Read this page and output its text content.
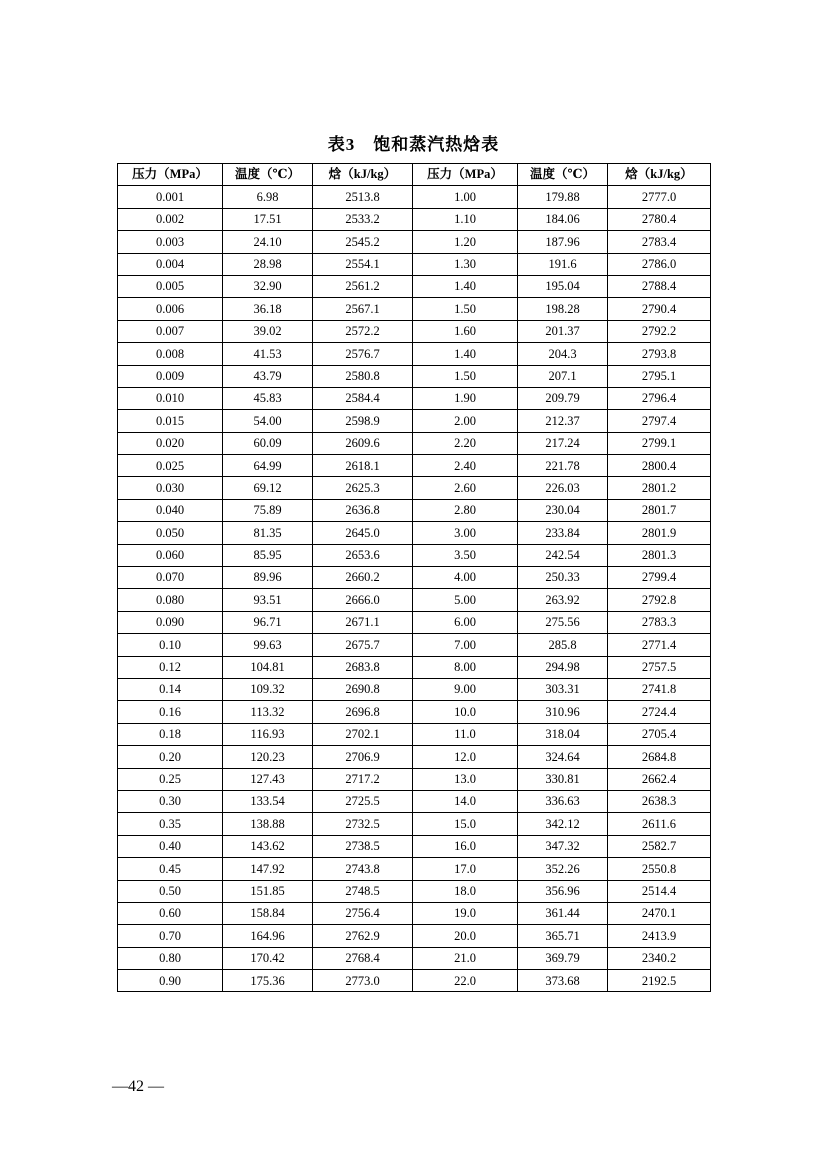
表3　饱和蒸汽热焓表
压力（MPa）	温度（℃）	焓（kJ/kg）	压力（MPa）	温度（℃）	焓（kJ/kg）
0.001	6.98	2513.8	1.00	179.88	2777.0
0.002	17.51	2533.2	1.10	184.06	2780.4
0.003	24.10	2545.2	1.20	187.96	2783.4
0.004	28.98	2554.1	1.30	191.6	2786.0
0.005	32.90	2561.2	1.40	195.04	2788.4
0.006	36.18	2567.1	1.50	198.28	2790.4
0.007	39.02	2572.2	1.60	201.37	2792.2
0.008	41.53	2576.7	1.40	204.3	2793.8
0.009	43.79	2580.8	1.50	207.1	2795.1
0.010	45.83	2584.4	1.90	209.79	2796.4
0.015	54.00	2598.9	2.00	212.37	2797.4
0.020	60.09	2609.6	2.20	217.24	2799.1
0.025	64.99	2618.1	2.40	221.78	2800.4
0.030	69.12	2625.3	2.60	226.03	2801.2
0.040	75.89	2636.8	2.80	230.04	2801.7
0.050	81.35	2645.0	3.00	233.84	2801.9
0.060	85.95	2653.6	3.50	242.54	2801.3
0.070	89.96	2660.2	4.00	250.33	2799.4
0.080	93.51	2666.0	5.00	263.92	2792.8
0.090	96.71	2671.1	6.00	275.56	2783.3
0.10	99.63	2675.7	7.00	285.8	2771.4
0.12	104.81	2683.8	8.00	294.98	2757.5
0.14	109.32	2690.8	9.00	303.31	2741.8
0.16	113.32	2696.8	10.0	310.96	2724.4
0.18	116.93	2702.1	11.0	318.04	2705.4
0.20	120.23	2706.9	12.0	324.64	2684.8
0.25	127.43	2717.2	13.0	330.81	2662.4
0.30	133.54	2725.5	14.0	336.63	2638.3
0.35	138.88	2732.5	15.0	342.12	2611.6
0.40	143.62	2738.5	16.0	347.32	2582.7
0.45	147.92	2743.8	17.0	352.26	2550.8
0.50	151.85	2748.5	18.0	356.96	2514.4
0.60	158.84	2756.4	19.0	361.44	2470.1
0.70	164.96	2762.9	20.0	365.71	2413.9
0.80	170.42	2768.4	21.0	369.79	2340.2
0.90	175.36	2773.0	22.0	373.68	2192.5
—42 —
